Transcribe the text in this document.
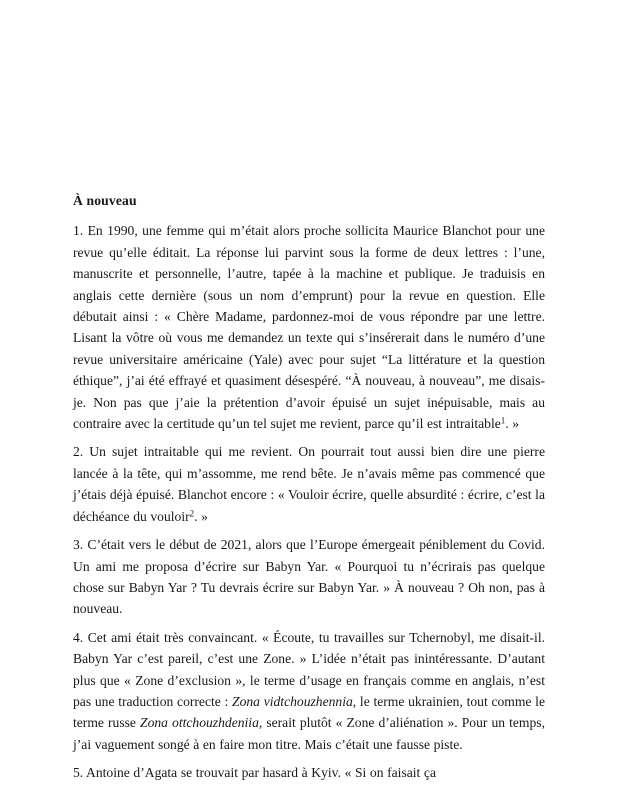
À nouveau

1. En 1990, une femme qui m’était alors proche sollicita Maurice Blanchot pour une revue qu’elle éditait. La réponse lui parvint sous la forme de deux lettres : l’une, manuscrite et personnelle, l’autre, tapée à la machine et publique. Je traduisis en anglais cette dernière (sous un nom d’emprunt) pour la revue en question. Elle débutait ainsi : « Chère Madame, pardonnez-moi de vous répondre par une lettre. Lisant la vôtre où vous me demandez un texte qui s’insérerait dans le numéro d’une revue universitaire américaine (Yale) avec pour sujet “La littérature et la question éthique”, j’ai été effrayé et quasiment désespéré. “À nouveau, à nouveau”, me disais-je. Non pas que j’aie la prétention d’avoir épuisé un sujet inépuisable, mais au contraire avec la certitude qu’un tel sujet me revient, parce qu’il est intraitable$^1$. »

2. Un sujet intraitable qui me revient. On pourrait tout aussi bien dire une pierre lancée à la tête, qui m’assomme, me rend bête. Je n’avais même pas commencé que j’étais déjà épuisé. Blanchot encore : « Vouloir écrire, quelle absurdité : écrire, c’est la déchéance du vouloir$^2$. »

3. C’était vers le début de 2021, alors que l’Europe émergeait péniblement du Covid. Un ami me proposa d’écrire sur Babyn Yar. « Pourquoi tu n’écrirais pas quelque chose sur Babyn Yar ? Tu devrais écrire sur Babyn Yar. » À nouveau ? Oh non, pas à nouveau.

4. Cet ami était très convaincant. « Écoute, tu travailles sur Tchernobyl, me disait-il. Babyn Yar c’est pareil, c’est une Zone. » L’idée n’était pas inintéressante. D’autant plus que « Zone d’exclusion », le terme d’usage en français comme en anglais, n’est pas une traduction correcte : Zona vidtchouzhennia, le terme ukrainien, tout comme le terme russe Zona ottchouzhdeniia, serait plutôt « Zone d’aliénation ». Pour un temps, j’ai vaguement songé à en faire mon titre. Mais c’était une fausse piste.

5. Antoine d’Agata se trouvait par hasard à Kyiv. « Si on faisait ça
